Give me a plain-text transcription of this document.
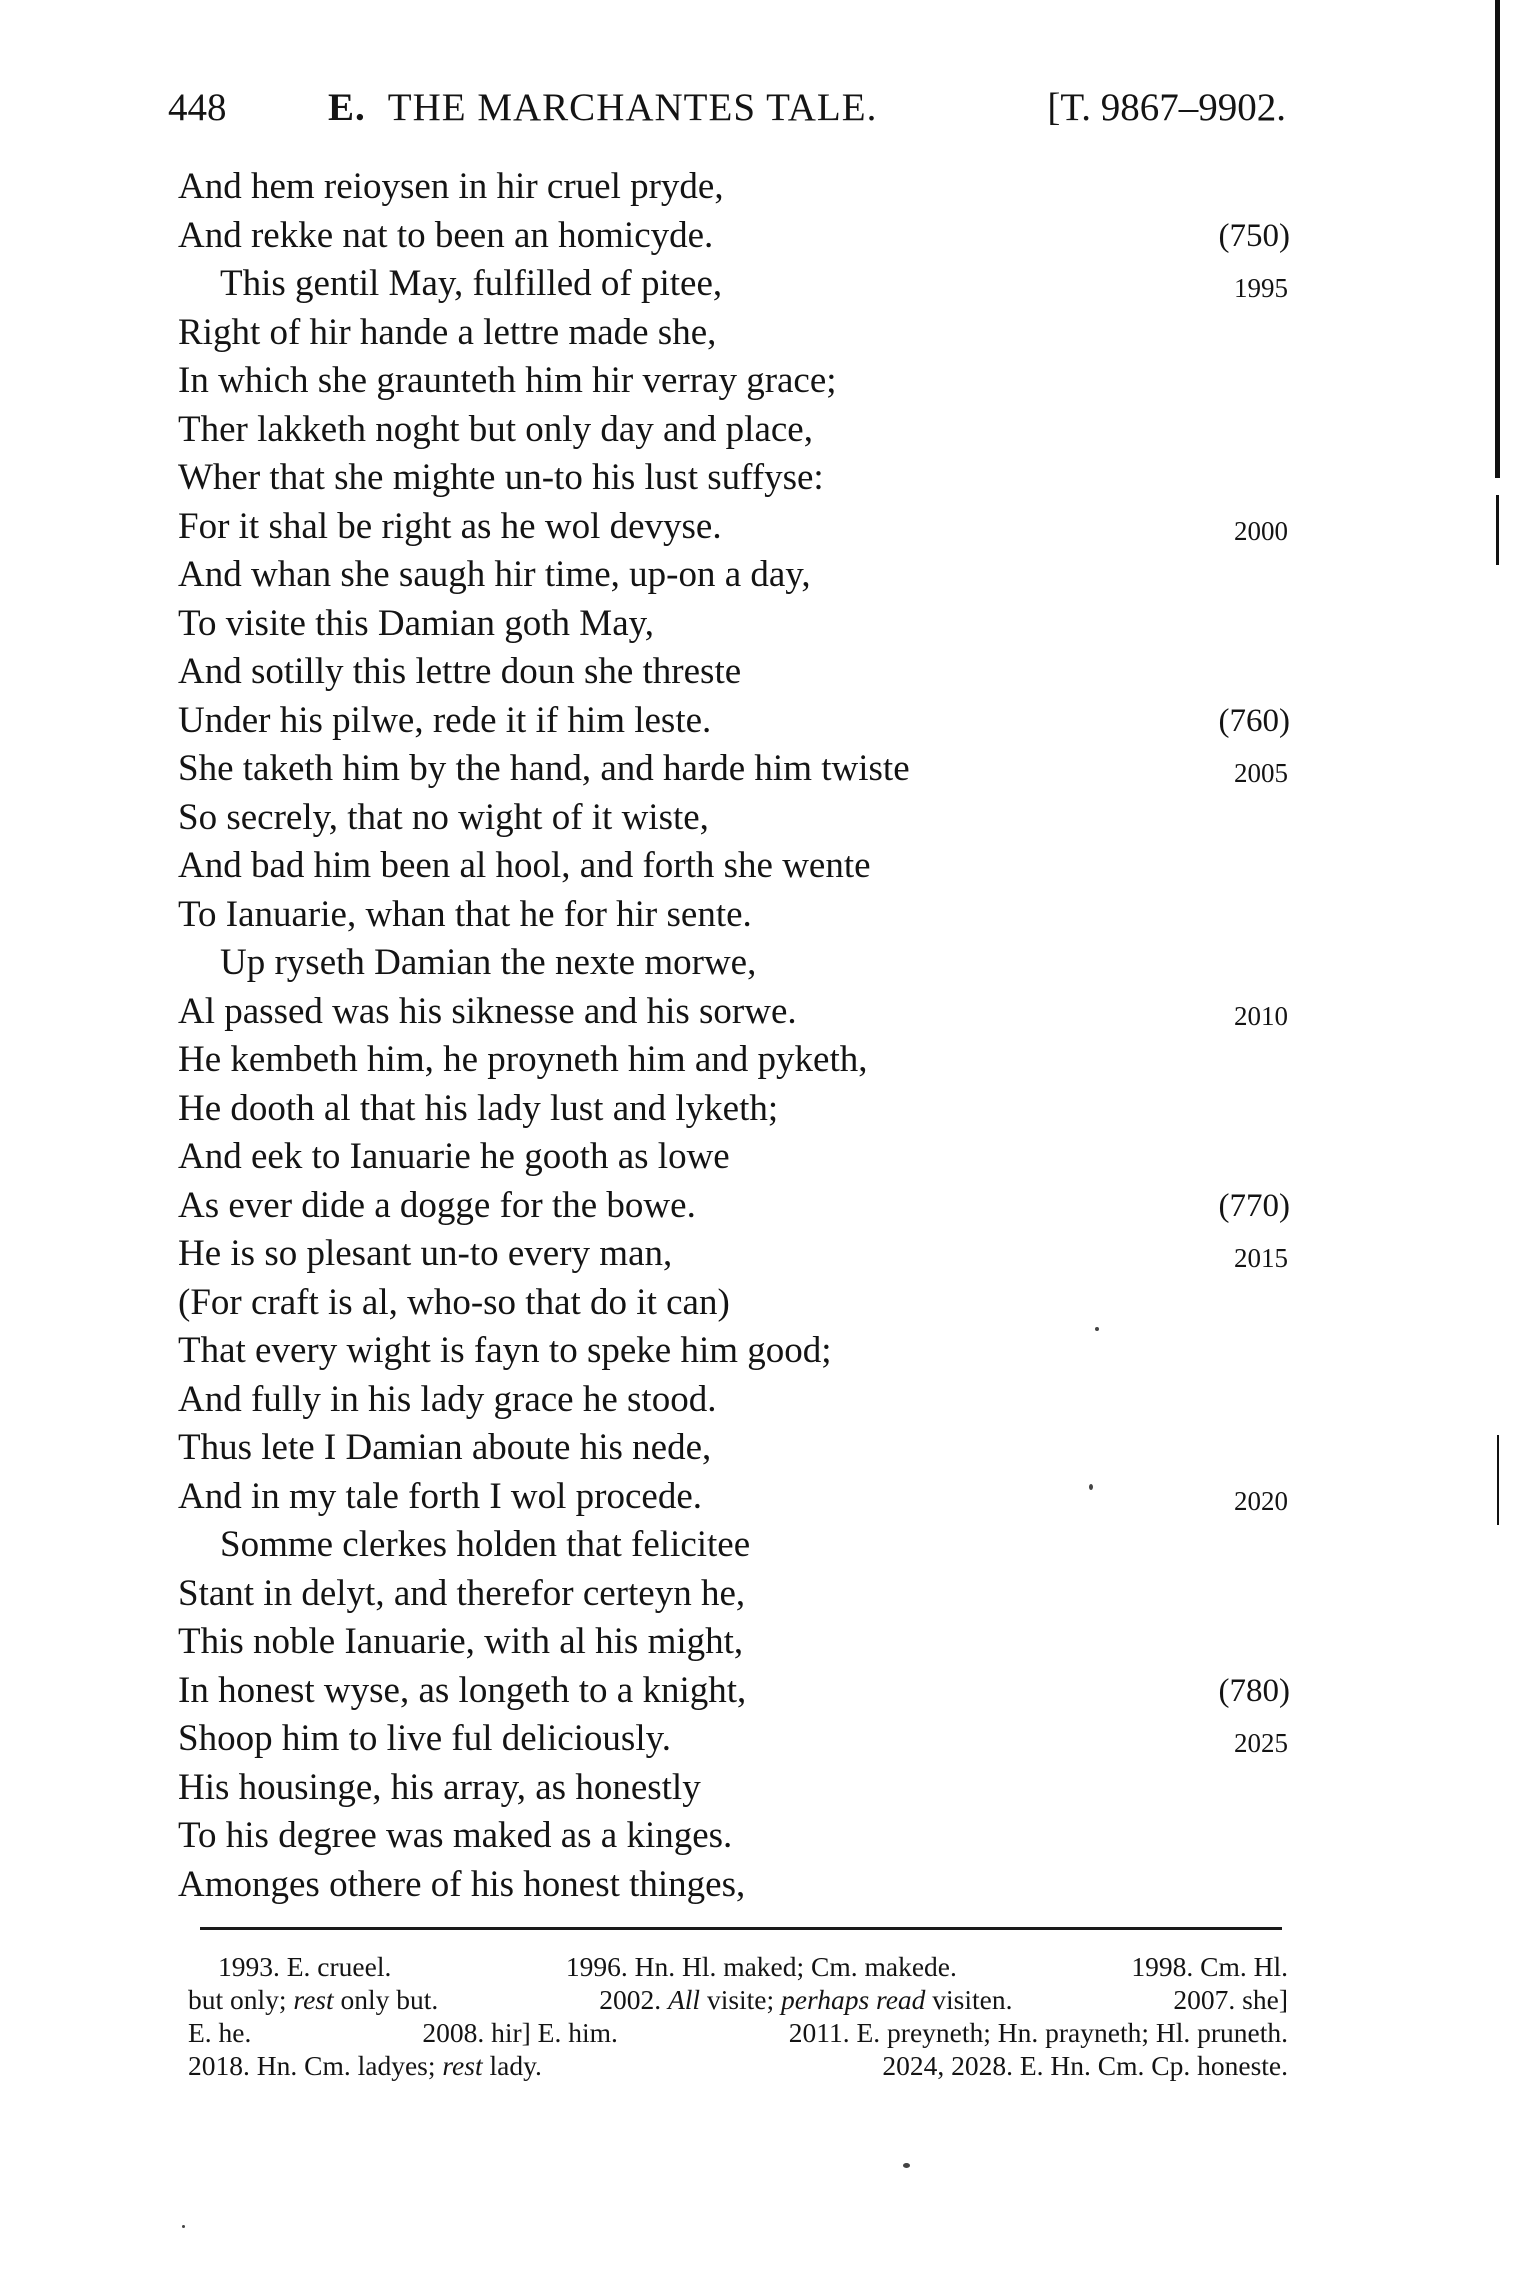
448	E. THE MARCHANTES TALE.	[T. 9867–9902.
And hem reioysen in hir cruel pryde,
And rekke nat to been an homicyde.	(750)
This gentil May, fulfilled of pitee,	1995
Right of hir hande a lettre made she,
In which she graunteth him hir verray grace;
Ther lakketh noght but only day and place,
Wher that she mighte un-to his lust suffyse:
For it shal be right as he wol devyse.	2000
And whan she saugh hir time, up-on a day,
To visite this Damian goth May,
And sotilly this lettre doun she threste
Under his pilwe, rede it if him leste.	(760)
She taketh him by the hand, and harde him twiste	2005
So secrely, that no wight of it wiste,
And bad him been al hool, and forth she wente
To Ianuarie, whan that he for hir sente.
Up ryseth Damian the nexte morwe,
Al passed was his siknesse and his sorwe.	2010
He kembeth him, he proyneth him and pyketh,
He dooth al that his lady lust and lyketh;
And eek to Ianuarie he gooth as lowe
As ever dide a dogge for the bowe.	(770)
He is so plesant un-to every man,	2015
(For craft is al, who-so that do it can)
That every wight is fayn to speke him good;
And fully in his lady grace he stood.
Thus lete I Damian aboute his nede,
And in my tale forth I wol procede.	2020
Somme clerkes holden that felicitee
Stant in delyt, and therefor certeyn he,
This noble Ianuarie, with al his might,
In honest wyse, as longeth to a knight,	(780)
Shoop him to live ful deliciously.	2025
His housinge, his array, as honestly
To his degree was maked as a kinges.
Amonges othere of his honest thinges,
1993. E. crueel.	1996. Hn. Hl. maked; Cm. makede.	1998. Cm. Hl.
but only; rest only but.	2002. All visite; perhaps read visiten.	2007. she]
E. he.	2008. hir] E. him.	2011. E. preyneth; Hn. prayneth; Hl. pruneth.
2018. Hn. Cm. ladyes; rest lady.	2024, 2028. E. Hn. Cm. Cp. honeste.
